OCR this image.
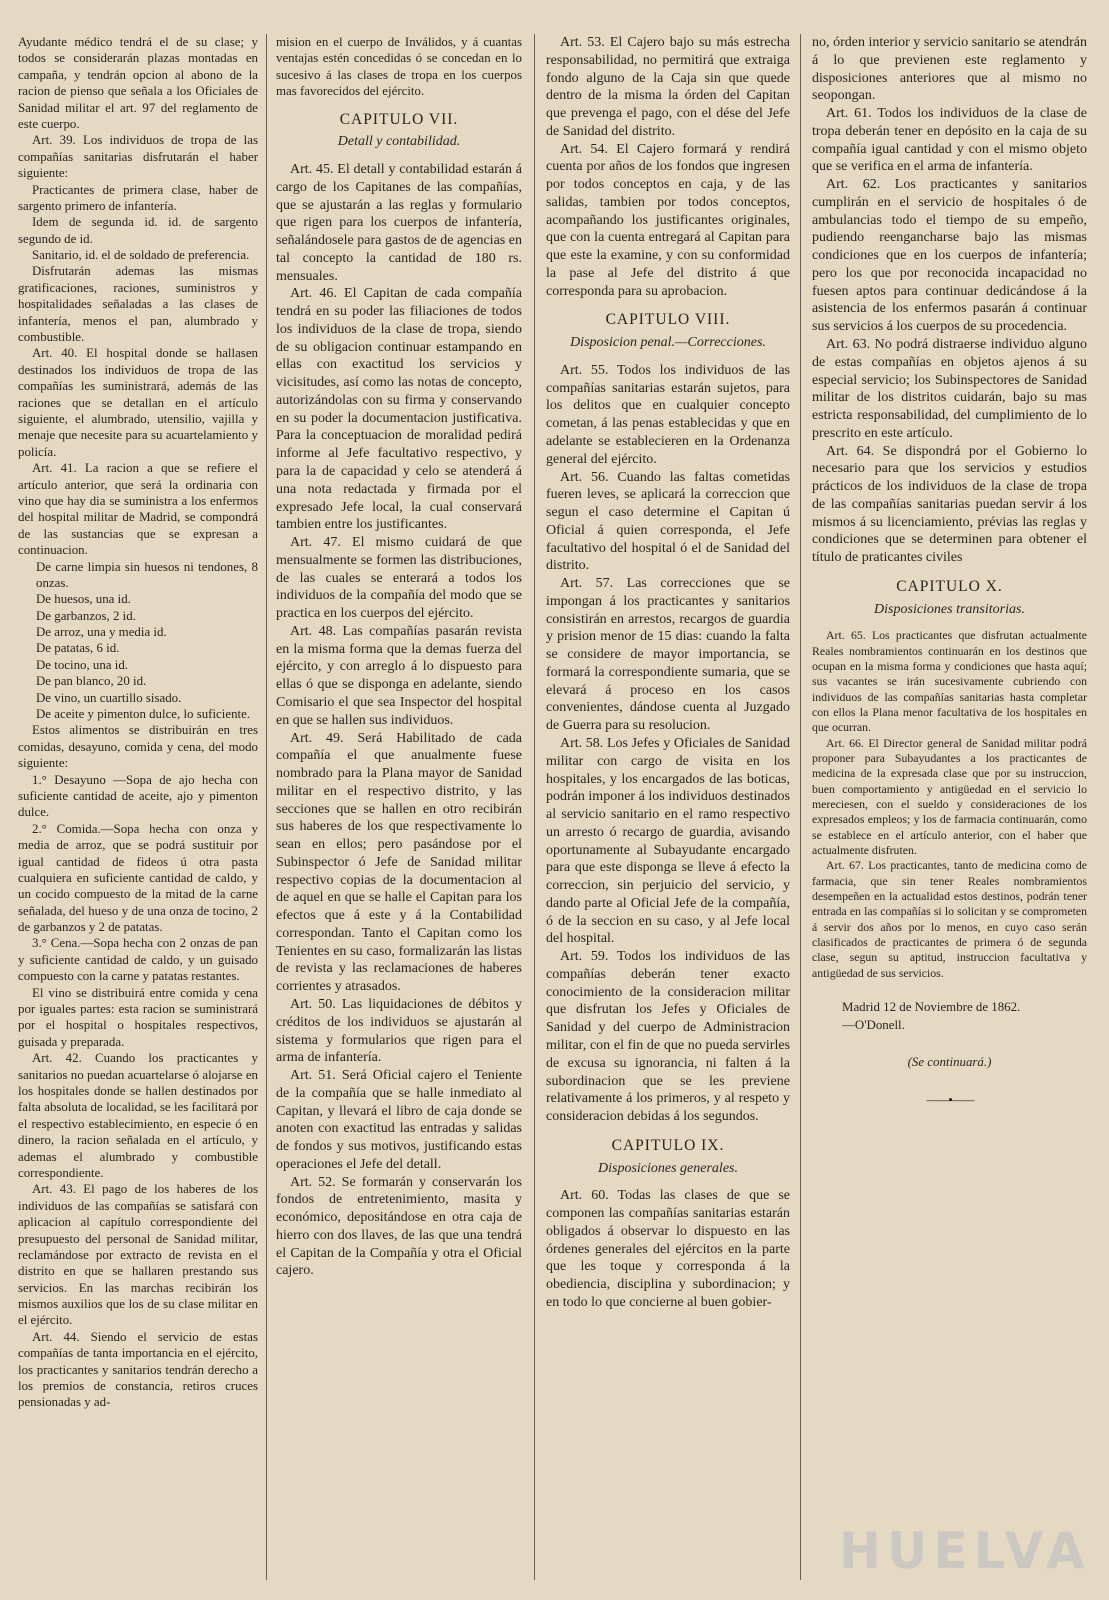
Ayudante médico tendrá el de su clase; y todos se considerarán plazas montadas en campaña, y tendrán opcion al abono de la racion de pienso que señala a los Oficiales de Sanidad militar el art. 97 del reglamento de este cuerpo.

Art. 39. Los individuos de tropa de las compañías sanitarias disfrutarán el haber siguiente:

Practicantes de primera clase, haber de sargento primero de infantería.

Idem de segunda id. id. de sargento segundo de id.

Sanitario, id. el de soldado de preferencia.

Disfrutarán ademas las mismas gratificaciones, raciones, suministros y hospitalidades señaladas a las clases de infantería, menos el pan, alumbrado y combustible.

Art. 40. El hospital donde se hallasen destinados los individuos de tropa de las compañías les suministrará, además de las raciones que se detallan en el artículo siguiente, el alumbrado, utensilio, vajilla y menaje que necesite para su acuartelamiento y policía.

Art. 41. La racion a que se refiere el artículo anterior, que será la ordinaria con vino que hay dia se suministra a los enfermos del hospital militar de Madrid, se compondrá de las sustancias que se expresan a continuacion.

De carne limpia sin huesos ni tendones, 8 onzas.

De huesos, una id.

De garbanzos, 2 id.

De arroz, una y media id.

De patatas, 6 id.

De tocino, una id.

De pan blanco, 20 id.

De vino, un cuartillo sisado.

De aceite y pimenton dulce, lo suficiente.

Estos alimentos se distribuirán en tres comidas, desayuno, comida y cena, del modo siguiente:

1.° Desayuno —Sopa de ajo hecha con suficiente cantidad de aceite, ajo y pimenton dulce.

2.° Comida.—Sopa hecha con onza y media de arroz, que se podrá sustituir por igual cantidad de fideos ú otra pasta cualquiera en suficiente cantidad de caldo, y un cocido compuesto de la mitad de la carne señalada, del hueso y de una onza de tocino, 2 de garbanzos y 2 de patatas.

3.° Cena.—Sopa hecha con 2 onzas de pan y suficiente cantidad de caldo, y un guisado compuesto con la carne y patatas restantes.

El vino se distribuirá entre comida y cena por iguales partes: esta racion se suministrará por el hospital o hospitales respectivos, guisada y preparada.

Art. 42. Cuando los practicantes y sanitarios no puedan acuartelarse ó alojarse en los hospitales donde se hallen destinados por falta absoluta de localidad, se les facilitará por el respectivo establecimiento, en especie ó en dinero, la racion señalada en el artículo, y ademas el alumbrado y combustible correspondiente.

Art. 43. El pago de los haberes de los individuos de las compañías se satisfará con aplicacion al capítulo correspondiente del presupuesto del personal de Sanidad militar, reclamándose por extracto de revista en el distrito en que se hallaren prestando sus servicios. En las marchas recibirán los mismos auxilios que los de su clase militar en el ejército.

Art. 44. Siendo el servicio de estas compañías de tanta importancia en el ejército, los practicantes y sanitarios tendrán derecho a los premios de constancia, retiros cruces pensionadas y ad-

mision en el cuerpo de Inválidos, y á cuantas ventajas estén concedidas ó se concedan en lo sucesivo á las clases de tropa en los cuerpos mas favorecidos del ejército.

CAPITULO VII.
Detall y contabilidad.

Art. 45. El detall y contabilidad estarán á cargo de los Capitanes de las compañías, que se ajustarán a las reglas y formulario que rigen para los cuerpos de infantería, señalándosele para gastos de de agencias en tal concepto la cantidad de 180 rs. mensuales.

Art. 46. El Capitan de cada compañía tendrá en su poder las filiaciones de todos los individuos de la clase de tropa, siendo de su obligacion continuar estampando en ellas con exactitud los servicios y vicisitudes, así como las notas de concepto, autorizándolas con su firma y conservando en su poder la documentacion justificativa. Para la conceptuacion de moralidad pedirá informe al Jefe facultativo respectivo, y para la de capacidad y celo se atenderá á una nota redactada y firmada por el expresado Jefe local, la cual conservará tambien entre los justificantes.

Art. 47. El mismo cuidará de que mensualmente se formen las distribuciones, de las cuales se enterará a todos los individuos de la compañía del modo que se practica en los cuerpos del ejército.

Art. 48. Las compañías pasarán revista en la misma forma que la demas fuerza del ejército, y con arreglo á lo dispuesto para ellas ó que se disponga en adelante, siendo Comisario el que sea Inspector del hospital en que se hallen sus individuos.

Art. 49. Será Habilitado de cada compañía el que anualmente fuese nombrado para la Plana mayor de Sanidad militar en el respectivo distrito, y las secciones que se hallen en otro recibirán sus haberes de los que respectivamente lo sean en ellos; pero pasándose por el Subinspector ó Jefe de Sanidad militar respectivo copias de la documentacion al de aquel en que se halle el Capitan para los efectos que á este y á la Contabilidad correspondan. Tanto el Capitan como los Tenientes en su caso, formalizarán las listas de revista y las reclamaciones de haberes corrientes y atrasados.

Art. 50. Las liquidaciones de débitos y créditos de los individuos se ajustarán al sistema y formularios que rigen para el arma de infantería.

Art. 51. Será Oficial cajero el Teniente de la compañía que se halle inmediato al Capitan, y llevará el libro de caja donde se anoten con exactitud las entradas y salidas de fondos y sus motivos, justificando estas operaciones el Jefe del detall.

Art. 52. Se formarán y conservarán los fondos de entretenimiento, masita y económico, depositándose en otra caja de hierro con dos llaves, de las que una tendrá el Capitan de la Compañía y otra el Oficial cajero.

Art. 53. El Cajero bajo su más estrecha responsabilidad, no permitirá que extraiga fondo alguno de la Caja sin que quede dentro de la misma la órden del Capitan que prevenga el pago, con el dése del Jefe de Sanidad del distrito.

Art. 54. El Cajero formará y rendirá cuenta por años de los fondos que ingresen por todos conceptos en caja, y de las salidas, tambien por todos conceptos, acompañando los justificantes originales, que con la cuenta entregará al Capitan para que este la examine, y con su conformidad la pase al Jefe del distrito á que corresponda para su aprobacion.

CAPITULO VIII.
Disposicion penal.—Correcciones.

Art. 55. Todos los individuos de las compañías sanitarias estarán sujetos, para los delitos que en cualquier concepto cometan, á las penas establecidas y que en adelante se establecieren en la Ordenanza general del ejército.

Art. 56. Cuando las faltas cometidas fueren leves, se aplicará la correccion que segun el caso determine el Capitan ú Oficial á quien corresponda, el Jefe facultativo del hospital ó el de Sanidad del distrito.

Art. 57. Las correcciones que se impongan á los practicantes y sanitarios consistirán en arrestos, recargos de guardia y prision menor de 15 dias: cuando la falta se considere de mayor importancia, se formará la correspondiente sumaria, que se elevará á proceso en los casos convenientes, dándose cuenta al Juzgado de Guerra para su resolucion.

Art. 58. Los Jefes y Oficiales de Sanidad militar con cargo de visita en los hospitales, y los encargados de las boticas, podrán imponer á los individuos destinados al servicio sanitario en el ramo respectivo un arresto ó recargo de guardia, avisando oportunamente al Subayudante encargado para que este disponga se lleve á efecto la correccion, sin perjuicio del servicio, y dando parte al Oficial Jefe de la compañía, ó de la seccion en su caso, y al Jefe local del hospital.

Art. 59. Todos los individuos de las compañías deberán tener exacto conocimiento de la consideracion militar que disfrutan los Jefes y Oficiales de Sanidad y del cuerpo de Administracion militar, con el fin de que no pueda servirles de excusa su ignorancia, ni falten á la subordinacion que se les previene relativamente á los primeros, y al respeto y consideracion debidas á los segundos.

CAPITULO IX.
Disposiciones generales.

Art. 60. Todas las clases de que se componen las compañías sanitarias estarán obligados á observar lo dispuesto en las órdenes generales del ejércitos en la parte que les toque y corresponda á la obediencia, disciplina y subordinacion; y en todo lo que concierne al buen gobier-

no, órden interior y servicio sanitario se atendrán á lo que previenen este reglamento y disposiciones anteriores que al mismo no seopongan.

Art. 61. Todos los individuos de la clase de tropa deberán tener en depósito en la caja de su compañía igual cantidad y con el mismo objeto que se verifica en el arma de infantería.

Art. 62. Los practicantes y sanitarios cumplirán en el servicio de hospitales ó de ambulancias todo el tiempo de su empeño, pudiendo reengancharse bajo las mismas condiciones que en los cuerpos de infantería; pero los que por reconocida incapacidad no fuesen aptos para continuar dedicándose á la asistencia de los enfermos pasarán á continuar sus servicios á los cuerpos de su procedencia.

Art. 63. No podrá distraerse individuo alguno de estas compañías en objetos ajenos á su especial servicio; los Subinspectores de Sanidad militar de los distritos cuidarán, bajo su mas estricta responsabilidad, del cumplimiento de lo prescrito en este artículo.

Art. 64. Se dispondrá por el Gobierno lo necesario para que los servicios y estudios prácticos de los individuos de la clase de tropa de las compañías sanitarias puedan servir á los mismos á su licenciamiento, prévias las reglas y condiciones que se determinen para obtener el título de praticantes civiles

CAPITULO X.
Disposiciones transitorias.

Art. 65. Los practicantes que disfrutan actualmente Reales nombramientos continuarán en los destinos que ocupan en la misma forma y condiciones que hasta aquí; sus vacantes se irán sucesivamente cubriendo con individuos de las compañías sanitarias hasta completar con ellos la Plana menor facultativa de los hospitales en que ocurran.

Art. 66. El Director general de Sanidad militar podrá proponer para Subayudantes a los practicantes de medicina de la expresada clase que por su instruccion, buen comportamiento y antigüedad en el servicio lo mereciesen, con el sueldo y consideraciones de los expresados empleos; y los de farmacia continuarán, como se establece en el artículo anterior, con el haber que actualmente disfruten.

Art. 67. Los practicantes, tanto de medicina como de farmacia, que sin tener Reales nombramientos desempeñen en la actualidad estos destinos, podrán tener entrada en las compañías si lo solicitan y se comprometen á servir dos años por lo menos, en cuyo caso serán clasificados de practicantes de primera ó de segunda clase, segun su aptitud, instruccion facultativa y antigüedad de sus servicios.

Madrid 12 de Noviembre de 1862.
—O'Donell.
(Se continuará.)
——•——
HUELVA
